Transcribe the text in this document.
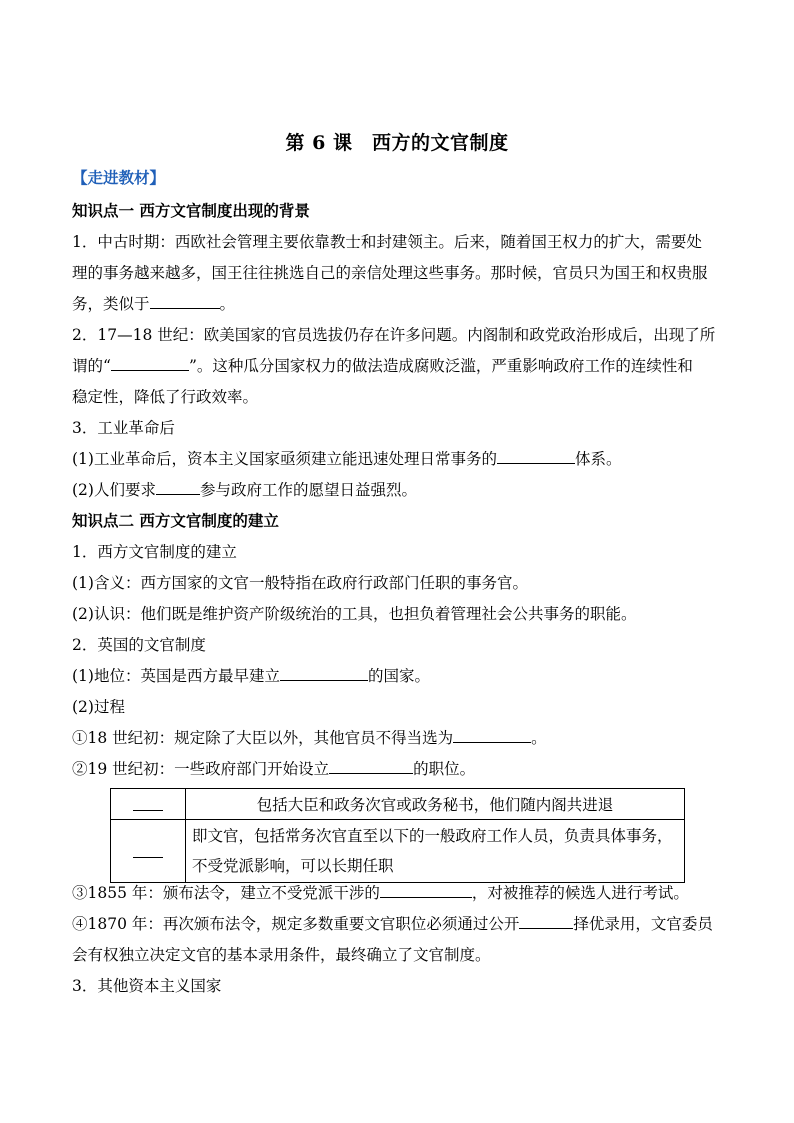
第 6 课　西方的文官制度
【走进教材】
知识点一 西方文官制度出现的背景
1．中古时期：西欧社会管理主要依靠教士和封建领主。后来，随着国王权力的扩大，需要处
理的事务越来越多，国王往往挑选自己的亲信处理这些事务。那时候，官员只为国王和权贵服
务，类似于	。
2．17—18 世纪：欧美国家的官员选拔仍存在许多问题。内阁制和政党政治形成后，出现了所
谓的“	”。这种瓜分国家权力的做法造成腐败泛滥，严重影响政府工作的连续性和
稳定性，降低了行政效率。
3．工业革命后
(1)工业革命后，资本主义国家亟须建立能迅速处理日常事务的	体系。
(2)人们要求	参与政府工作的愿望日益强烈。
知识点二 西方文官制度的建立
1．西方文官制度的建立
(1)含义：西方国家的文官一般特指在政府行政部门任职的事务官。
(2)认识：他们既是维护资产阶级统治的工具，也担负着管理社会公共事务的职能。
2．英国的文官制度
(1)地位：英国是西方最早建立	的国家。
(2)过程
①18 世纪初：规定除了大臣以外，其他官员不得当选为	。
②19 世纪初：一些政府部门开始设立	的职位。
	包括大臣和政务次官或政务秘书，他们随内阁共进退

	即文官，包括常务次官直至以下的一般政府工作人员，负责具体事务，
不受党派影响，可以长期任职
③1855 年：颁布法令，建立不受党派干涉的	，对被推荐的候选人进行考试。
④1870 年：再次颁布法令，规定多数重要文官职位必须通过公开	择优录用，文官委员
会有权独立决定文官的基本录用条件，最终确立了文官制度。
3．其他资本主义国家
